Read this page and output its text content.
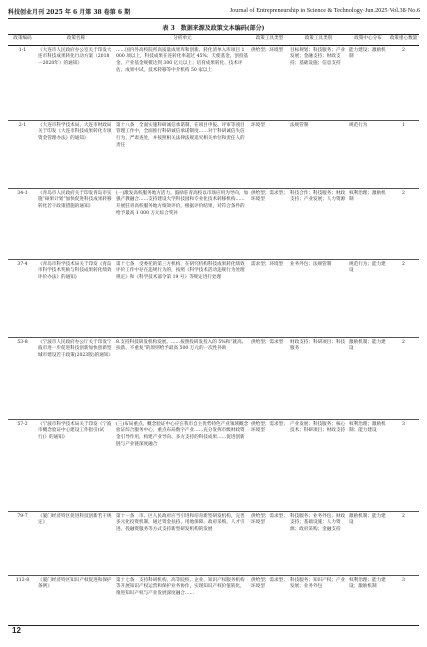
科技创业月刊 2025 年 6 月第 38 卷第 6 期	Journal of Entrepreneurship in Science & Technology·Jun.2025·Vol.38·No.6
表 3　数据来源及政策文本编码(部分)
政策编码	政策名称	分析单元	政策工具类型	政策工具类别	政策中心分布	政策重心数量
1-1	《大连市人民政府办公室关于印发大连市科技成果转化行动方案（2018－2020年）的通知》	……国内外高校院所高质量成果库和创新、转化清单入库项目 1 000 项以上，科技成果在连转化率超过 45%；天使基金、创投基金、产业基金规模达到 300 亿元以上；培育成果转化、技术评估、成果中试、技术转移等中介机构 50 家以上	供给型；环境型	目标规划；科技服务；产业发展；金融支持；财政支持；基础设施；信息支持	能力建设；激励机制	2
2-1	《大连市科学技术局、大连市财政局关于印发《大连市科技成果转化专项资金管理办法》的通知》	第十八条　全面实施科研诚信承诺制，在项目申报、评审等项目管理工作中，全面推行科研诚信承诺制度……对于科研诚信失信行为，严肃查处，并按照相关法律法规追究相关单位和责任人的责任	环境型	法规管制	规范行为	1
34-1	《青岛市人民政府关于印发青岛市实施“硕果计划”加快促进科技成果转移转化若干政策措施的通知》	(一)激发高校服务地方活力。鼓励驻青高校以市场应用为导向，加强产教融合……支持建设大学科技园和专业化技术转移机构……开展驻青高校服务地方绩效评价，根据评价结果，对符合条件的给予最高 1 000 万元综合奖补	供给型；需求型；环境型	科技合作；科技服务；财政支持；产业发展；人力资源	权利治理；激励机制	2
37-4	《青岛市科学技术局关于印发《青岛市科学技术奖励与科技成果转化绩效评价办法》的通知》	第十七条　受委托的第三方机构，在研究机构科技成果转化绩效评价工作中存在违规行为的，按照《科学技术活动违规行为处理规定》和《科学技术部令第 19 号》等规定进行处理	需求型；环境型	业务外包；法规管制	规范行为；能力建设	2
53-8	《宁波市人民政府办公厅关于印发宁波市进一步促进科技创新加快创新型城市建设若干政策(2023版)的通知》	8.支持科技研发机构发展。……按照投研发投入的 5%和“就高、扶新、不重复”的原则给予最高 500 万元的一次性补助	供给型；需求型	财政支持；科研项目；科技服务	激励机制；能力建设	2
57-2	《宁波市科学技术局关于印发《宁波市概念验证中心建设工作指引(试行)》的通知》	(三)布局重点。概念验证中心应在我市自主优势特色产业领域概念验证综合服务中心，重点布局数字产业……充分发挥市级财政资金引导作用，构建产业导向、多方支持的科技成果……促进创新链与产业链深度融合	供给型；需求型；环境型	产业发展；科技服务；核心技术；科研项目；财政支持	权利治理；激励机制；能力建设	3
79-7	《厦门经济特区促进科技创新若干规定》	第十一条　市、区人民政府应当引进和培育新型研发机构，完善多元化投资机制，通过资金扶持、用地保障、政府采购、人才引进、投融资服务等方式支持新型研发机构的发展	供给型；需求型；环境型	科技服务；业务外包；财政支持；基础设施；人力资源；政府采购；金融支持	激励机制；能力建设	2
112-8	《厦门经济特区知识产权促进和保护条例》	第十七条　支持科研机构、高等院校、企业、知识产权服务机构等开展知识产权运营和保护业务协作，实现知识产权价值转化，推进知识产权与产业发展深度融合……	供给型；需求型；环境型	科技服务；知识产权；产业发展；业务外包	权利治理；能力建设；激励机制	3
12
